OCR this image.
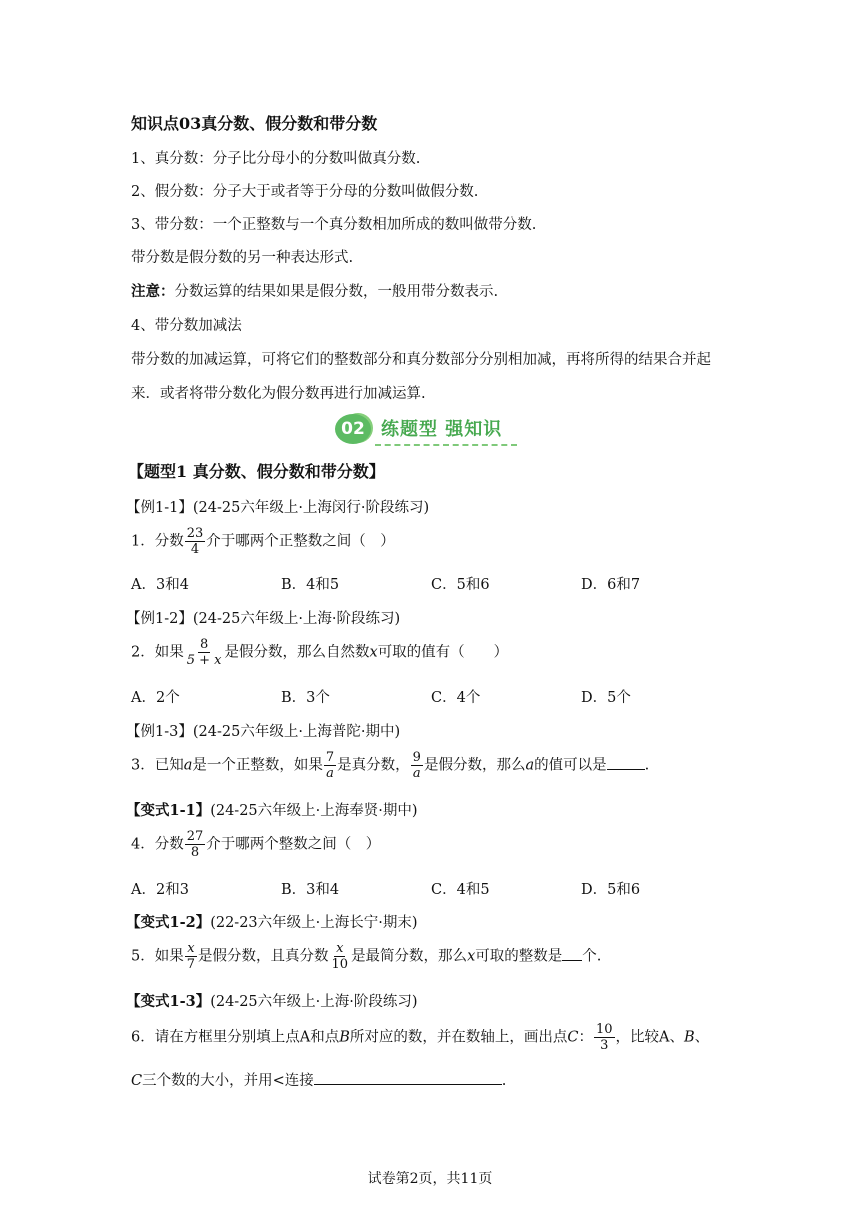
知识点03真分数、假分数和带分数
1、真分数：分子比分母小的分数叫做真分数.
2、假分数：分子大于或者等于分母的分数叫做假分数.
3、带分数：一个正整数与一个真分数相加所成的数叫做带分数.
带分数是假分数的另一种表达形式.
注意：分数运算的结果如果是假分数，一般用带分数表示.
4、带分数加减法
带分数的加减运算，可将它们的整数部分和真分数部分分别相加减，再将所得的结果合并起
来．或者将带分数化为假分数再进行加减运算.
02 练题型 强知识
【题型1 真分数、假分数和带分数】
【例1-1】(24-25六年级上·上海闵行·阶段练习)
1．分数 $\frac{23}{4}$ 介于哪两个正整数之间（　）
A．3和4	B．4和5	C．5和6	D．6和7
【例1-2】(24-25六年级上·上海·阶段练习)
2．如果 $\frac{8}{5 + x}$ 是假分数，那么自然数x可取的值有（　　）
A．2个	B．3个	C．4个	D．5个
【例1-3】(24-25六年级上·上海普陀·期中)
3．已知a是一个正整数，如果 $\frac{7}{a}$ 是真分数， $\frac{9}{a}$ 是假分数，那么a的值可以是	.
【变式1-1】(24-25六年级上·上海奉贤·期中)
4．分数 $\frac{27}{8}$ 介于哪两个整数之间（　）
A．2和3	B．3和4	C．4和5	D．5和6
【变式1-2】(22-23六年级上·上海长宁·期末)
5．如果 $\frac{x}{7}$ 是假分数，且真分数 $\frac{x}{10}$ 是最简分数，那么x可取的整数是 个.
【变式1-3】(24-25六年级上·上海·阶段练习)
6．请在方框里分别填上点A和点B所对应的数，并在数轴上，画出点C： $\frac{10}{3}$ ，比较A、B、
C三个数的大小，并用<连接	.
试卷第2页，共11页
